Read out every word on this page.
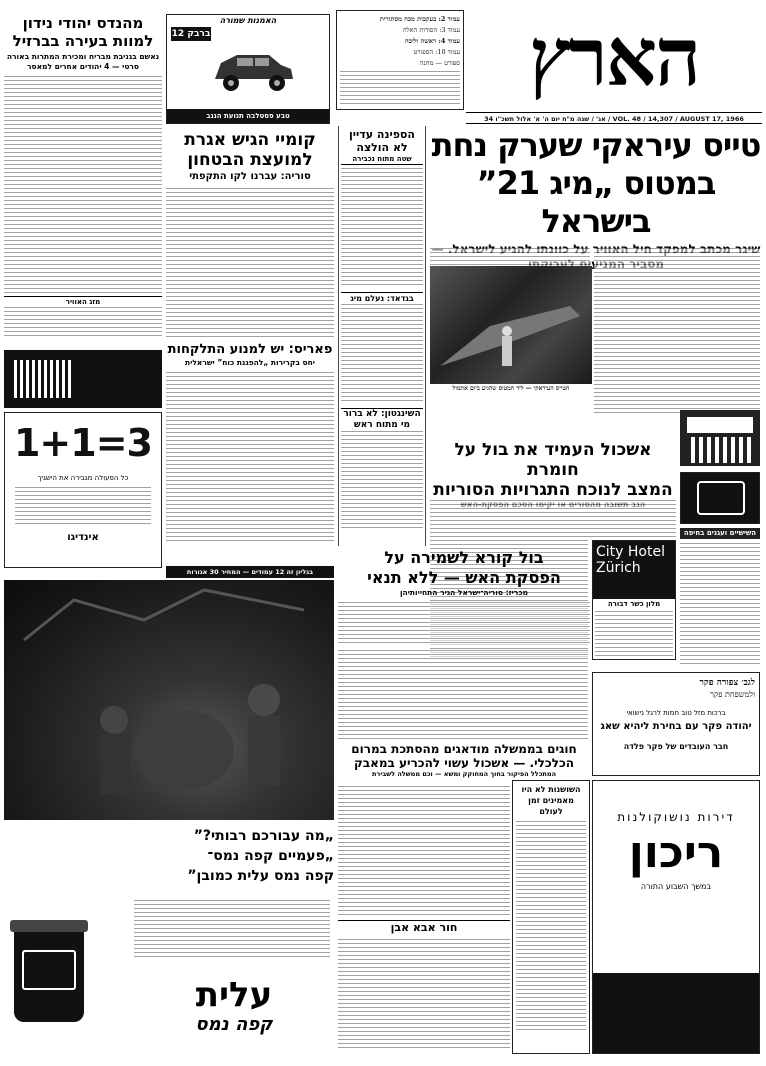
הארץ
34 אג' / שנה מ"ח יום ה' א' אלול תשכ"ו / VOL. 48 / 14,307 / AUGUST 17, 1966
עמוד 2: בעקבות מכה מסתורית
עמוד 3: הסודות האלה
עמוד 4: ראשה וליבה
עמוד 10: הספורט
ספורט — מחנה
האמנות שמורה
ברבק 12
טבע פסטלבה תנועת הנגב
טייס עיראקי שערק נחת
במטוס „מיג 21” בישראל
הטייס העיראקי — ליד המטוס שהגיע ביום אתמול
השישיים ועגנים בחיפה
אשכול העמיד את בול על חומרת
המצב לנוכח התגרויות הסוריות
City Hotel Zürich
מלון כשר דבורה
לגב׳ צפורה פקר
ולמשפחת פקר
ברכות מזל טוב חמות לרגל נישואי
יהודה פקר עם בחירת ליהיא שאג
חבר העובדים של פקר פלדה
השושנות לא היו מאמינים זמן לעולם	דירות נושוקולנות
ריכון
במשך השבוע התורה
הספינה עדיין לא הולצה
שטה מתוח נכבירה
בגדאד: נעלם מיג
השינגטון: לא ברור מי מתוח ראש
קומיי הגיש אגרת
למועצת הבטחון
סוריה: עברנו לקו התקפתי
פאריס: יש למנוע התלקחות
יחס בקרירות „להפגנת כוח” ישראלית
בגליון זה 12 עמודים — המחיר 30 אגורות
מהנדס יהודי נידון למוות בעירה בברזיל
נאשם בגניבת מבריח ומכירת המתרות באורה סרטי — 4 יהודים אחרים למאסר
מזג האוויר
1+1=3
כל הפעולה מגבירה את הישגיך
אינדיגו
„מה עבורכם רבותי?”
„פעמיים קפה נמס־
קפה נמס עלית כמובן”
עלית
קפה נמס
בול קורא לשמירה על
הפסקת האש — ללא תנאי
מכריז: סוריה־ישראל הגיר התחייותיהן
חוגים בממשלה מודאגים מהסתכת במרום
הכלכלי. — אשכול עשוי להכריע במאבק
המתכלל הפיקור בחוך המחוקק ומשא — וכם ממשלה לשבירת
חור אבא אבן
